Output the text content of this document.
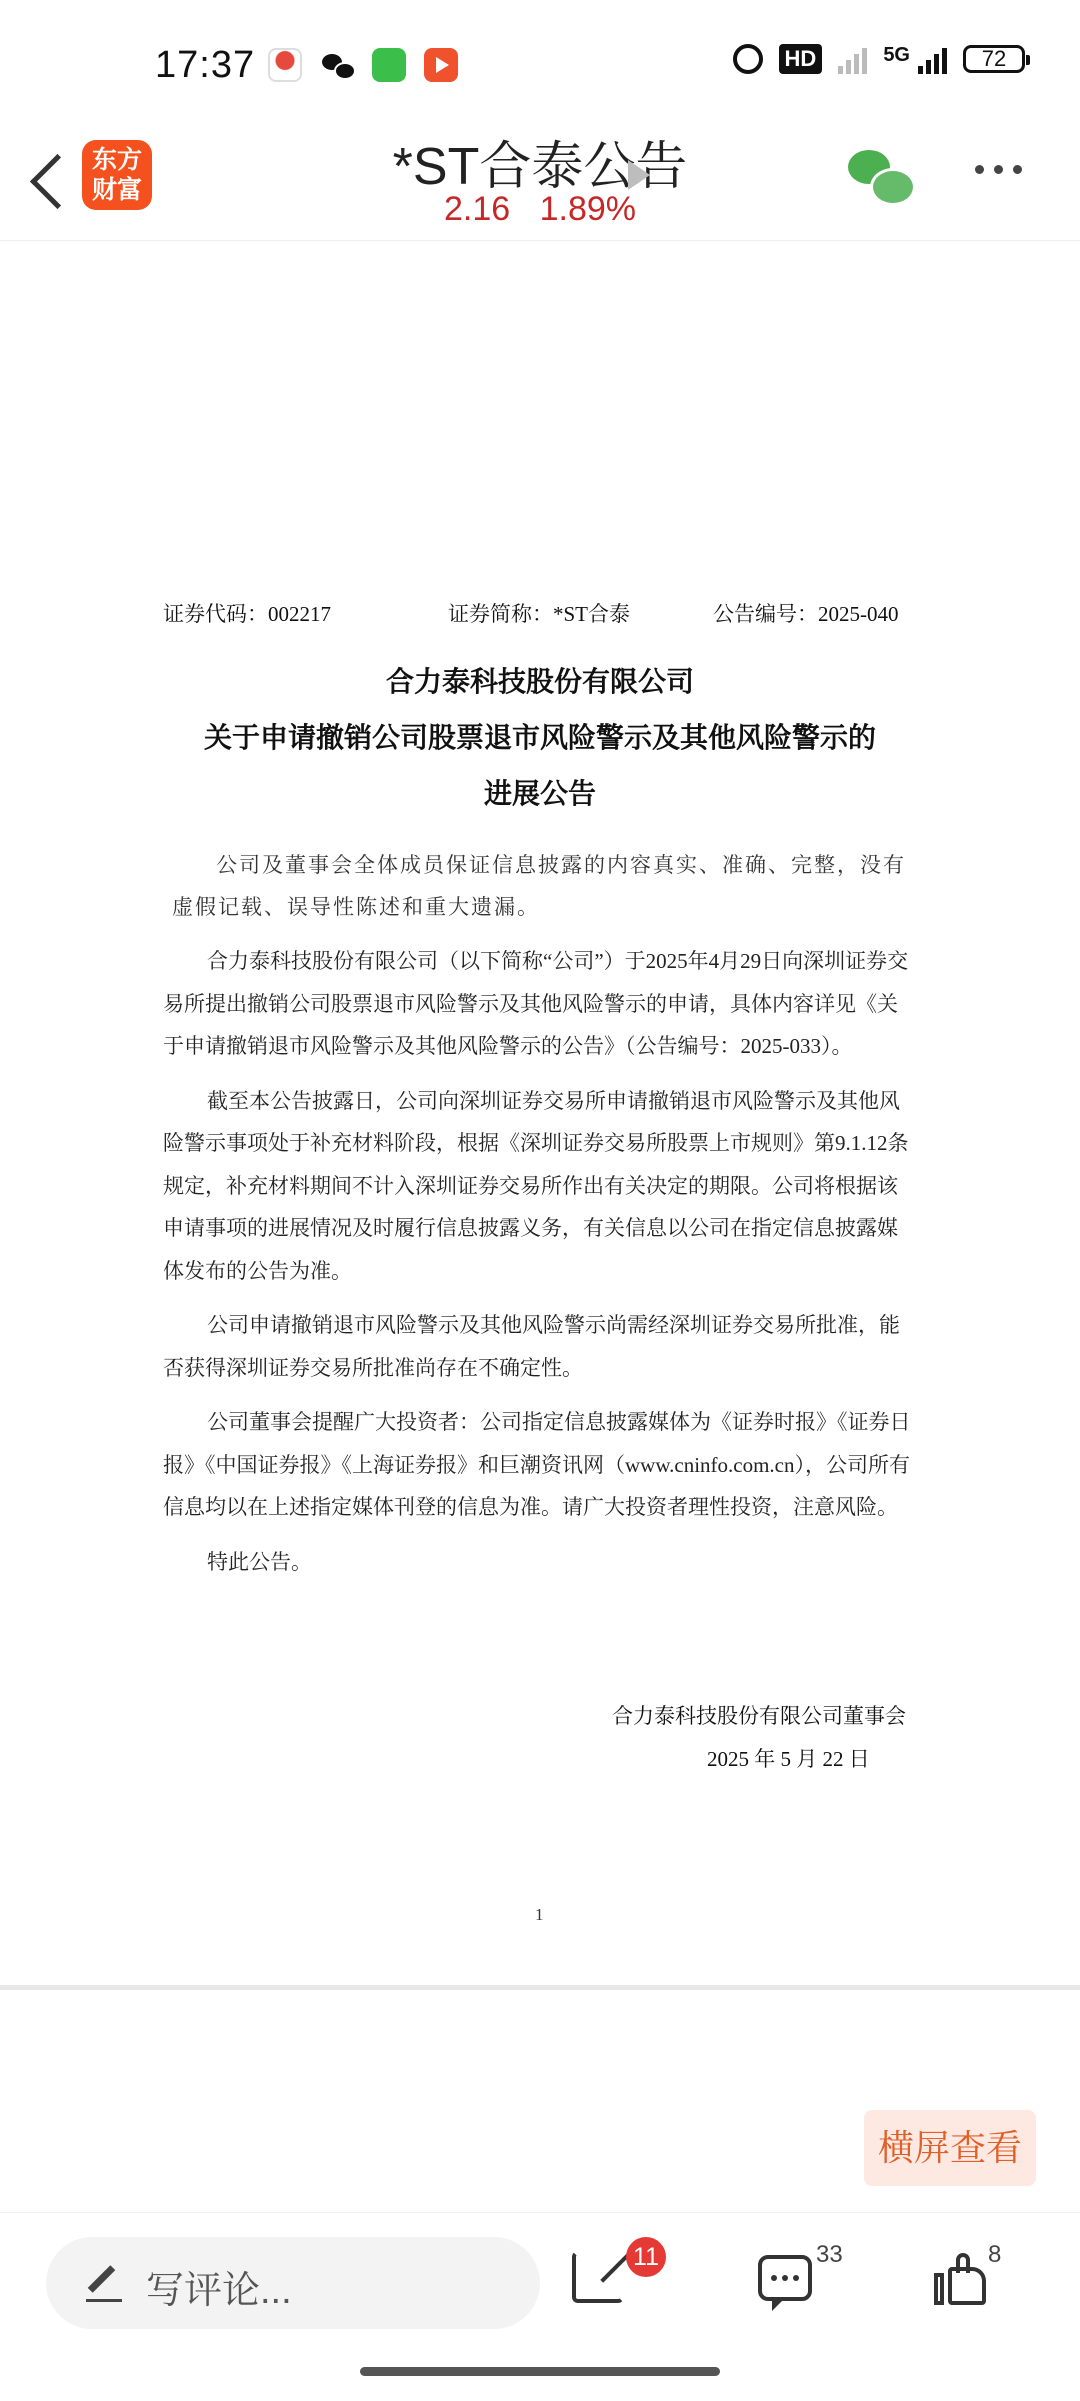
17:37	HD	5G	72
东方
财富	*ST合泰公告
2.16 1.89%
证券代码：002217	证券简称：*ST合泰	公告编号：2025-040
合力泰科技股份有限公司
关于申请撤销公司股票退市风险警示及其他风险警示的
进展公告
公司及董事会全体成员保证信息披露的内容真实、准确、完整，没有虚假记载、误导性陈述和重大遗漏。

合力泰科技股份有限公司（以下简称“公司”）于2025年4月29日向深圳证券交易所提出撤销公司股票退市风险警示及其他风险警示的申请，具体内容详见《关于申请撤销退市风险警示及其他风险警示的公告》（公告编号：2025-033）。

截至本公告披露日，公司向深圳证券交易所申请撤销退市风险警示及其他风险警示事项处于补充材料阶段，根据《深圳证券交易所股票上市规则》第9.1.12条规定，补充材料期间不计入深圳证券交易所作出有关决定的期限。公司将根据该申请事项的进展情况及时履行信息披露义务，有关信息以公司在指定信息披露媒体发布的公告为准。

公司申请撤销退市风险警示及其他风险警示尚需经深圳证券交易所批准，能否获得深圳证券交易所批准尚存在不确定性。

公司董事会提醒广大投资者：公司指定信息披露媒体为《证券时报》《证券日报》《中国证券报》《上海证券报》和巨潮资讯网（www.cninfo.com.cn），公司所有信息均以在上述指定媒体刊登的信息为准。请广大投资者理性投资，注意风险。

特此公告。

合力泰科技股份有限公司董事会
2025 年 5 月 22 日
1
横屏查看
写评论...
11	33	8
